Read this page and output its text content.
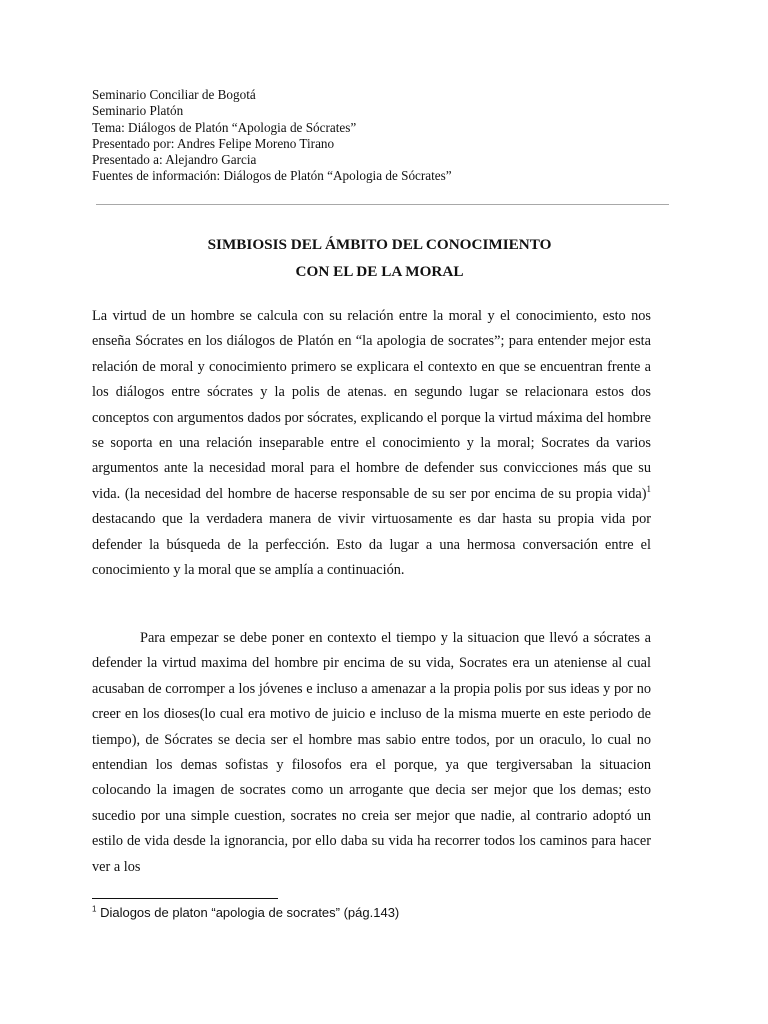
Seminario Conciliar de Bogotá
Seminario Platón
Tema: Diálogos de Platón “Apologia de Sócrates”
Presentado por: Andres Felipe Moreno Tirano
Presentado a: Alejandro Garcia
Fuentes de información: Diálogos de Platón “Apologia de Sócrates”
SIMBIOSIS DEL ÁMBITO DEL CONOCIMIENTO
CON EL DE LA MORAL

La virtud de un hombre se calcula con su relación entre la moral y el conocimiento, esto nos enseña Sócrates en los diálogos de Platón en “la apologia de socrates”; para entender mejor esta relación de moral y conocimiento primero se explicara el contexto en que se encuentran frente a los diálogos entre sócrates y la polis de atenas. en segundo lugar se relacionara estos dos conceptos con argumentos dados por sócrates, explicando el porque la virtud máxima del hombre se soporta en una relación inseparable entre el conocimiento y la moral; Socrates da varios argumentos ante la necesidad moral para el hombre de defender sus convicciones más que su vida. (la necesidad del hombre de hacerse responsable de su ser por encima de su propia vida)$^1$ destacando que la verdadera manera de vivir virtuosamente es dar hasta su propia vida por defender la búsqueda de la perfección. Esto da lugar a una hermosa conversación entre el conocimiento y la moral que se amplía a continuación.

Para empezar se debe poner en contexto el tiempo y la situacion que llevó a sócrates a defender la virtud maxima del hombre pir encima de su vida, Socrates era un ateniense al cual acusaban de corromper a los jóvenes e incluso a amenazar a la propia polis por sus ideas y por no creer en los dioses(lo cual era motivo de juicio e incluso de la misma muerte en este periodo de tiempo), de Sócrates se decia ser el hombre mas sabio entre todos, por un oraculo, lo cual no entendian los demas sofistas y filosofos era el porque, ya que tergiversaban la situacion colocando la imagen de socrates como un arrogante que decia ser mejor que los demas; esto sucedio por una simple cuestion, socrates no creia ser mejor que nadie, al contrario adoptó un estilo de vida desde la ignorancia, por ello daba su vida ha recorrer todos los caminos para hacer ver a los

$^1$ Dialogos de platon “apologia de socrates” (pág.143)
